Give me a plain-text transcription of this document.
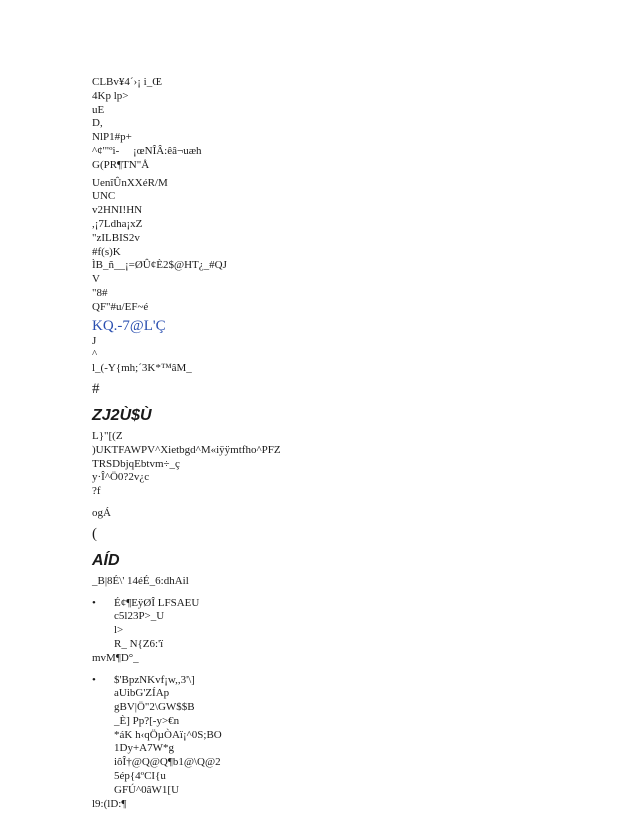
CLBv¥4´›¡ i_Œ
4Kp lp>
uE
D,
NlP1#p+
^¢'"ºi-     ¡œNÎÂ:êâ¬uæh
G(PR¶TN"Å
UenîÛnXXéR/M
UNC
v2HNI!HN
,¡7Ldha¡xZ
"zILBIS2v
#f(s)K
ÌB_ñ__¡=ØÛ¢È2$@HT¿_#QJ
V
"8#
QF"#u/EF~é
KQ.-7@L'Ç
J
^
l_(-Y{mh;´3K*™âM_
#
ZJ2Ù$Ù
L}"[(Z
)UKTFAWPV^Xietbgd^M«iÿÿmtfho^PFZ
TRSDbjqEbtvm÷_ç
y·Î^Ö0?2v¿c
?f
ogÁ
(
AÍD
_B|8É\' 14éÉ_6:dhAil
• É¢¶EÿØÎ LFSAEU
c5l23P>_U
l>
R_ N{Z6:'ï
mvM¶D°_
• $'BpzNKvf¡w,,3'\]
aUibG'ZÍAp
gBV|Ö"2\GW$$B
_È] Pp?[-y>€n
*áK h‹qÖµÒAï¡^0S;BO
1Dy+A7W*g
iôÎ†@Q@Q¶b1@\Q@2
5ép{4ºCI{u
GFÚ^0âW1[U
l9:(lD:¶
